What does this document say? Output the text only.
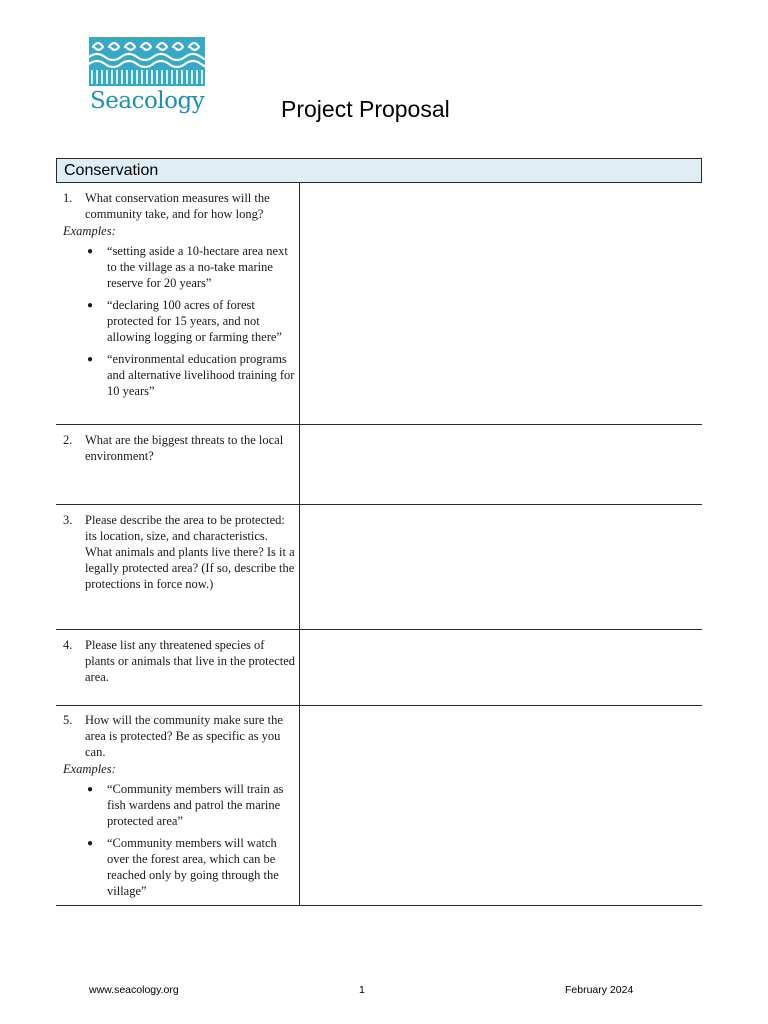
Seacology	Project Proposal
Conservation
1. What conservation measures will the community take, and for how long?
Examples:
● “setting aside a 10-hectare area next to the village as a no-take marine reserve for 20 years”
● “declaring 100 acres of forest protected for 15 years, and not allowing logging or farming there”
● “environmental education programs and alternative livelihood training for 10 years”
2. What are the biggest threats to the local environment?
3. Please describe the area to be protected: its location, size, and characteristics. What animals and plants live there? Is it a legally protected area? (If so, describe the protections in force now.)
4. Please list any threatened species of plants or animals that live in the protected area.
5. How will the community make sure the area is protected? Be as specific as you can.
Examples:
● “Community members will train as fish wardens and patrol the marine protected area”
● “Community members will watch over the forest area, which can be reached only by going through the village”
www.seacology.org	1	February 2024
